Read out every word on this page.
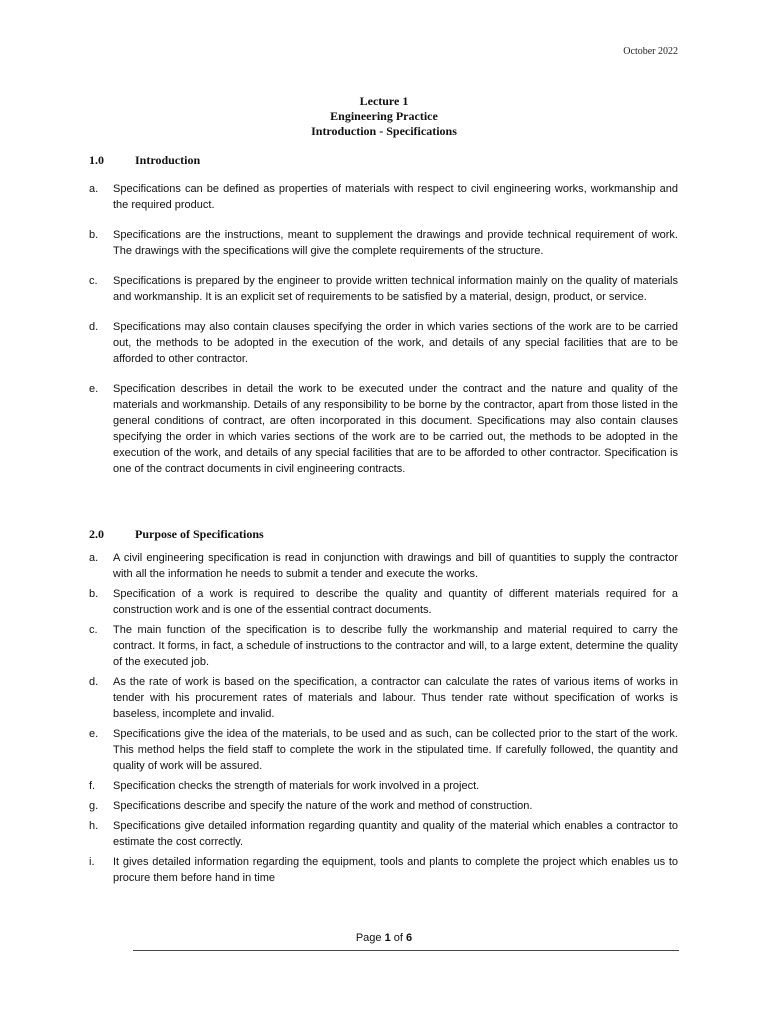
October 2022
Lecture 1
Engineering Practice
Introduction - Specifications
1.0	Introduction
a. Specifications can be defined as properties of materials with respect to civil engineering works, workmanship and the required product.
b. Specifications are the instructions, meant to supplement the drawings and provide technical requirement of work. The drawings with the specifications will give the complete requirements of the structure.
c. Specifications is prepared by the engineer to provide written technical information mainly on the quality of materials and workmanship. It is an explicit set of requirements to be satisfied by a material, design, product, or service.
d. Specifications may also contain clauses specifying the order in which varies sections of the work are to be carried out, the methods to be adopted in the execution of the work, and details of any special facilities that are to be afforded to other contractor.
e. Specification describes in detail the work to be executed under the contract and the nature and quality of the materials and workmanship. Details of any responsibility to be borne by the contractor, apart from those listed in the general conditions of contract, are often incorporated in this document. Specifications may also contain clauses specifying the order in which varies sections of the work are to be carried out, the methods to be adopted in the execution of the work, and details of any special facilities that are to be afforded to other contractor. Specification is one of the contract documents in civil engineering contracts.
2.0	Purpose of Specifications
a. A civil engineering specification is read in conjunction with drawings and bill of quantities to supply the contractor with all the information he needs to submit a tender and execute the works.
b. Specification of a work is required to describe the quality and quantity of different materials required for a construction work and is one of the essential contract documents.
c. The main function of the specification is to describe fully the workmanship and material required to carry the contract. It forms, in fact, a schedule of instructions to the contractor and will, to a large extent, determine the quality of the executed job.
d. As the rate of work is based on the specification, a contractor can calculate the rates of various items of works in tender with his procurement rates of materials and labour. Thus tender rate without specification of works is baseless, incomplete and invalid.
e. Specifications give the idea of the materials, to be used and as such, can be collected prior to the start of the work. This method helps the field staff to complete the work in the stipulated time. If carefully followed, the quantity and quality of work will be assured.
f. Specification checks the strength of materials for work involved in a project.
g. Specifications describe and specify the nature of the work and method of construction.
h. Specifications give detailed information regarding quantity and quality of the material which enables a contractor to estimate the cost correctly.
i. It gives detailed information regarding the equipment, tools and plants to complete the project which enables us to procure them before hand in time
Page 1 of 6
